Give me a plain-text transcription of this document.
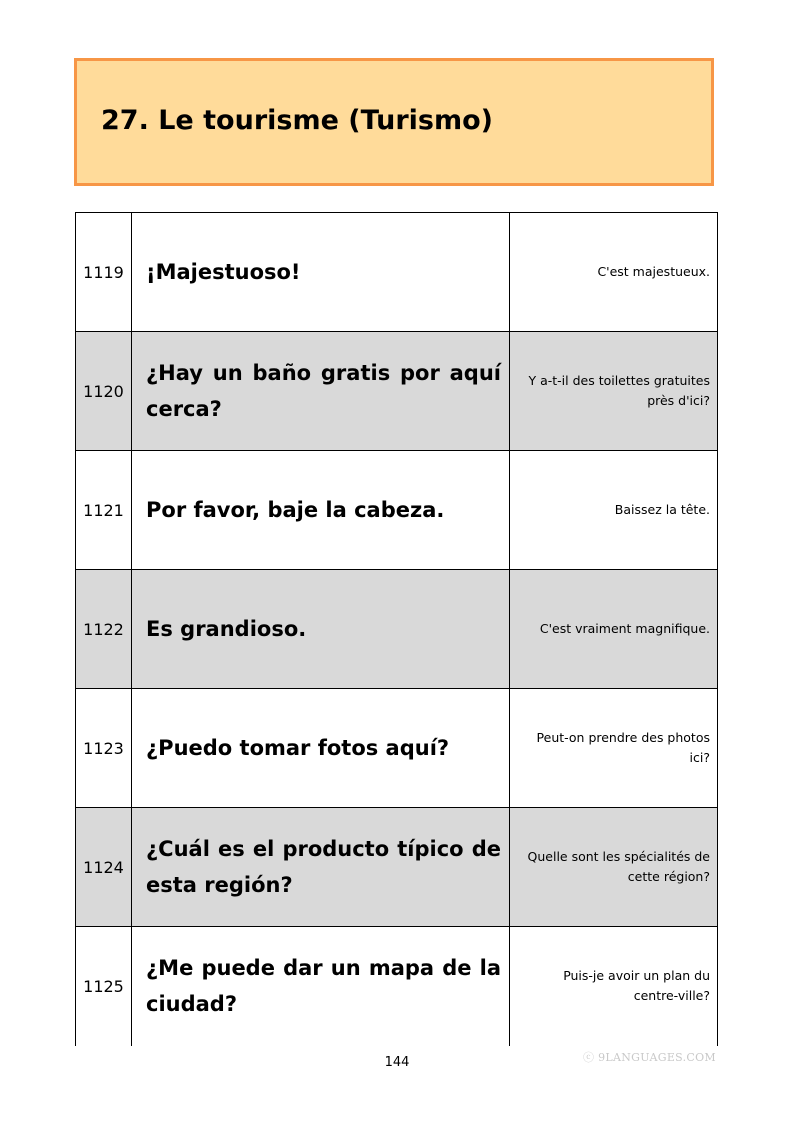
27. Le tourisme (Turismo)
1119	¡Majestuoso!	C'est majestueux.
1120	¿Hay un baño gratis por aquí cerca?	Y a-t-il des toilettes gratuites près d'ici?
1121	Por favor, baje la cabeza.	Baissez la tête.
1122	Es grandioso.	C'est vraiment magnifique.
1123	¿Puedo tomar fotos aquí?	Peut-on prendre des photos ici?
1124	¿Cuál es el producto típico de esta región?	Quelle sont les spécialités de cette région?
1125	¿Me puede dar un mapa de la ciudad?	Puis-je avoir un plan du centre-ville?
144	ⓒ 9LANGUAGES.COM
